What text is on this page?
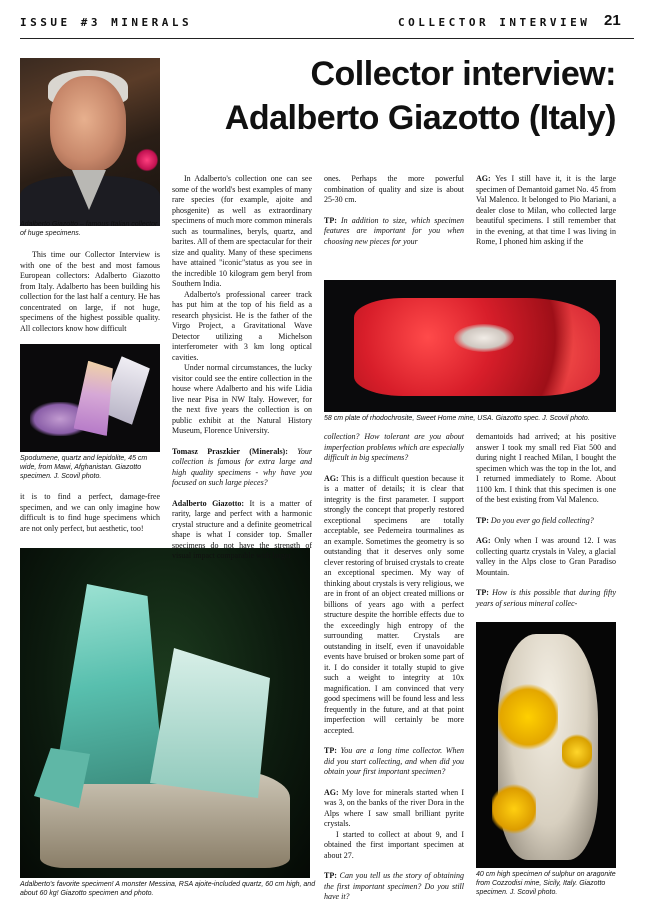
ISSUE #3 MINERALS	COLLECTOR INTERVIEW 21
Collector interview:
Adalberto Giazotto (Italy)
Adalberto Giazotto – famous Italian collector of huge specimens.
Spodumene, quartz and lepidolite, 45 cm wide, from Mawi, Afghanistan. Giazotto specimen. J. Scovil photo.
58 cm plate of rhodochrosite, Sweet Home mine, USA. Giazotto spec. J. Scovil photo.
Adalberto's favorite specimen! A monster Messina, RSA ajoite-included quartz, 60 cm high, and about 60 kg! Giazotto specimen and photo.
40 cm high specimen of sulphur on aragonite from Cozzodisi mine, Sicily, Italy. Giazotto specimen. J. Scovil photo.

This time our Collector Interview is with one of the best and most famous European collectors: Adalberto Giazotto from Italy. Adalberto has been building his collection for the last half a century. He has concentrated on large, if not huge, specimens of the highest possible quality. All collectors know how difficult

it is to find a perfect, damage-free specimen, and we can only imagine how difficult is to find huge specimens which are not only perfect, but aesthetic, too!

In Adalberto's collection one can see some of the world's best examples of many rare species (for example, ajoite and phosgenite) as well as extraordinary specimens of much more common minerals such as tourmalines, beryls, quartz, and barites. All of them are spectacular for their size and quality. Many of these specimens have attained "iconic"status as you see in the incredible 10 kilogram gem beryl from Southern India.

Adalberto's professional career track has put him at the top of his field as a research physicist. He is the father of the Virgo Project, a Gravitational Wave Detector utilizing a Michelson interferometer with 3 km long optical cavities.

Under normal circumstances, the lucky visitor could see the entire collection in the house where Adalberto and his wife Lidia live near Pisa in NW Italy. However, for the next five years the collection is on public exhibit at the Natural History Museum, Florence University.

Tomasz Praszkier (Minerals): Your collection is famous for extra large and high quality specimens - why have you focused on such large pieces?

Adalberto Giazotto: It is a matter of rarity, large and perfect with a harmonic crystal structure and a definite geometrical shape is what I consider top. Smaller specimens do not have the strength of visual impact comparable with larger

ones. Perhaps the more powerful combination of quality and size is about 25-30 cm.

TP: In addition to size, which specimen features are important for you when choosing new pieces for your

collection? How tolerant are you about imperfection problems which are especially difficult in big specimens?

AG: This is a difficult question because it is a matter of details; it is clear that integrity is the first parameter. I support strongly the concept that properly restored exceptional specimens are totally acceptable, see Pederneira tourmalines as an example. Sometimes the geometry is so outstanding that it deserves only some clever restoring of bruised crystals to create an exceptional specimen. My way of thinking about crystals is very religious, we are in front of an object created millions or billions of years ago with a perfect structure despite the horrible effects due to the exceedingly high entropy of the surrounding matter. Crystals are outstanding in itself, even if unavoidable events have bruised or broken some part of it. I do consider it totally stupid to give such a weight to integrity at 10x magnification. I am convinced that very good specimens will be found less and less frequently in the future, and at that point imperfection will certainly be more accepted.

TP: You are a long time collector. When did you start collecting, and when did you obtain your first important specimen?

AG: My love for minerals started when I was 3, on the banks of the river Dora in the Alps where I saw small brilliant pyrite crystals.

I started to collect at about 9, and I obtained the first important specimen at about 27.

TP: Can you tell us the story of obtaining the first important specimen? Do you still have it?

AG: Yes I still have it, it is the large specimen of Demantoid garnet No. 45 from Val Malenco. It belonged to Pio Mariani, a dealer close to Milan, who collected large beautiful specimens. I still remember that in the evening, at that time I was living in Rome, I phoned him asking if the

demantoids had arrived; at his positive answer I took my small red Fiat 500 and during night I reached Milan, I bought the specimen which was the top in the lot, and I returned immediately to Rome. About 1100 km. I think that this specimen is one of the best existing from Val Malenco.

TP: Do you ever go field collecting?

AG: Only when I was around 12. I was collecting quartz crystals in Valey, a glacial valley in the Alps close to Gran Paradiso Mountain.

TP: How is this possible that during fifty years of serious mineral collec-
